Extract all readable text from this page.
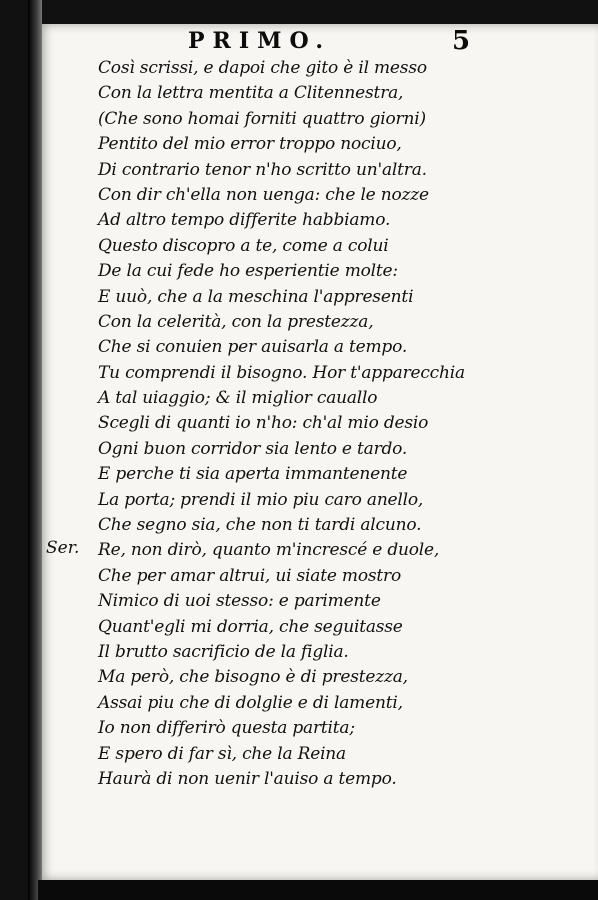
PRIMO.	5
Ser.
Così scrissi, e dapoi che gito è il messo
Con la lettra mentita a Clitennestra,
(Che sono homai forniti quattro giorni)
Pentito del mio error troppo nociuo,
Di contrario tenor n'ho scritto un'altra.
Con dir ch'ella non uenga: che le nozze
Ad altro tempo differite habbiamo.
Questo discopro a te, come a colui
De la cui fede ho esperientie molte:
E uuò, che a la meschina l'appresenti
Con la celerità, con la prestezza,
Che si conuien per auisarla a tempo.
Tu comprendi il bisogno. Hor t'apparecchia
A tal uiaggio; & il miglior cauallo
Scegli di quanti io n'ho: ch'al mio desio
Ogni buon corridor sia lento e tardo.
E perche ti sia aperta immantenente
La porta; prendi il mio piu caro anello,
Che segno sia, che non ti tardi alcuno.
Re, non dirò, quanto m'increscé e duole,
Che per amar altrui, ui siate mostro
Nimico di uoi stesso: e parimente
Quant'egli mi dorria, che seguitasse
Il brutto sacrificio de la figlia.
Ma però, che bisogno è di prestezza,
Assai piu che di dolglie e di lamenti,
Io non differirò questa partita;
E spero di far sì, che la Reina
Haurà di non uenir l'auiso a tempo.
